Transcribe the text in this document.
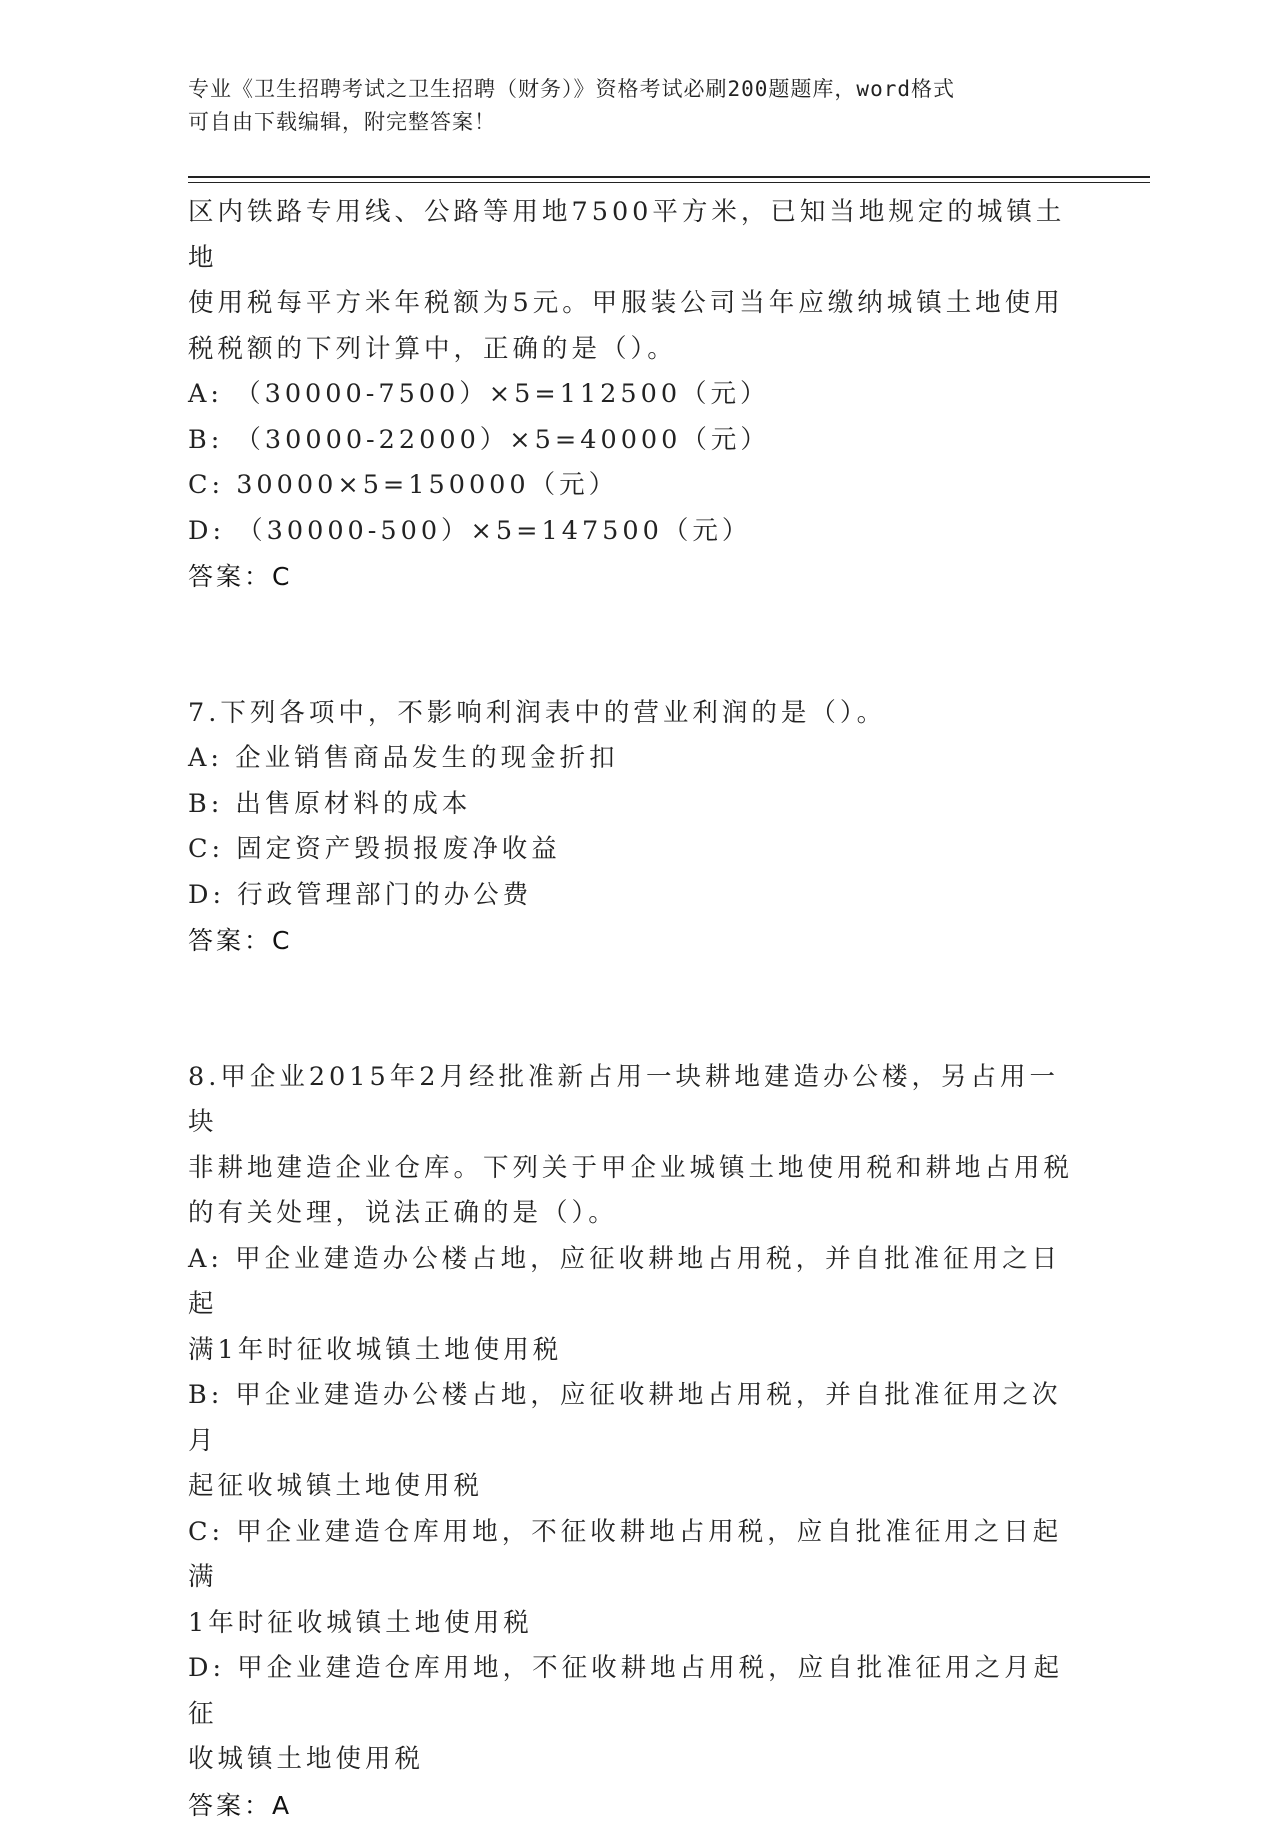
专业《卫生招聘考试之卫生招聘（财务）》资格考试必刷200题题库，word格式
可自由下载编辑，附完整答案！

区内铁路专用线、公路等用地7500平方米，已知当地规定的城镇土地

使用税每平方米年税额为5元。甲服装公司当年应缴纳城镇土地使用

税税额的下列计算中，正确的是（）。

A: （30000-7500）×5=112500（元）

B: （30000-22000）×5=40000（元）

C: 30000×5=150000（元）

D: （30000-500）×5=147500（元）

答案：C

7.下列各项中，不影响利润表中的营业利润的是（）。

A: 企业销售商品发生的现金折扣

B: 出售原材料的成本

C: 固定资产毁损报废净收益

D: 行政管理部门的办公费

答案：C

8.甲企业2015年2月经批准新占用一块耕地建造办公楼，另占用一块

非耕地建造企业仓库。下列关于甲企业城镇土地使用税和耕地占用税

的有关处理，说法正确的是（）。

A: 甲企业建造办公楼占地，应征收耕地占用税，并自批准征用之日起

满1年时征收城镇土地使用税

B: 甲企业建造办公楼占地，应征收耕地占用税，并自批准征用之次月

起征收城镇土地使用税

C: 甲企业建造仓库用地，不征收耕地占用税，应自批准征用之日起满

1年时征收城镇土地使用税

D: 甲企业建造仓库用地，不征收耕地占用税，应自批准征用之月起征

收城镇土地使用税

答案：A
